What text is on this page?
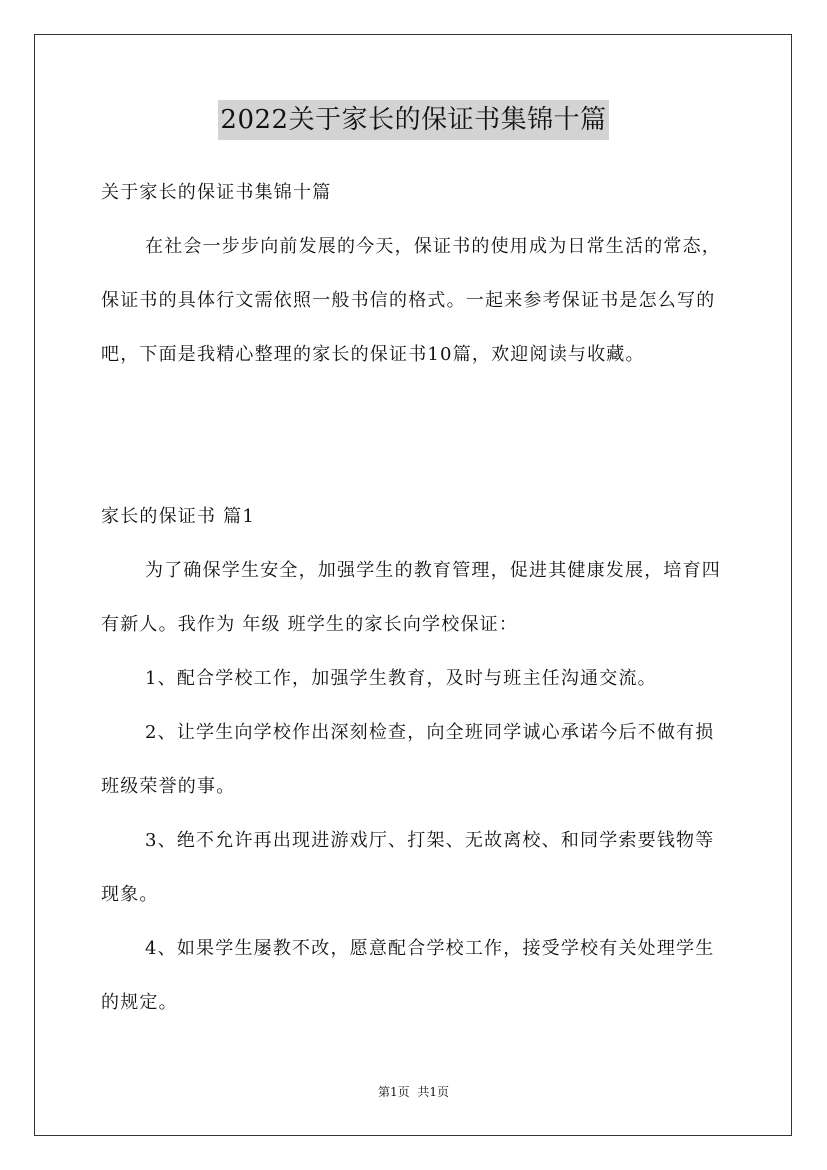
2022关于家长的保证书集锦十篇

关于家长的保证书集锦十篇

在社会一步步向前发展的今天，保证书的使用成为日常生活的常态，保证书的具体行文需依照一般书信的格式。一起来参考保证书是怎么写的吧，下面是我精心整理的家长的保证书10篇，欢迎阅读与收藏。

家长的保证书 篇1

为了确保学生安全，加强学生的教育管理，促进其健康发展，培育四有新人。我作为 年级 班学生的家长向学校保证：

1、配合学校工作，加强学生教育，及时与班主任沟通交流。

2、让学生向学校作出深刻检查，向全班同学诚心承诺今后不做有损班级荣誉的事。

3、绝不允许再出现进游戏厅、打架、无故离校、和同学索要钱物等现象。

4、如果学生屡教不改，愿意配合学校工作，接受学校有关处理学生的规定。

第1页 共1页
